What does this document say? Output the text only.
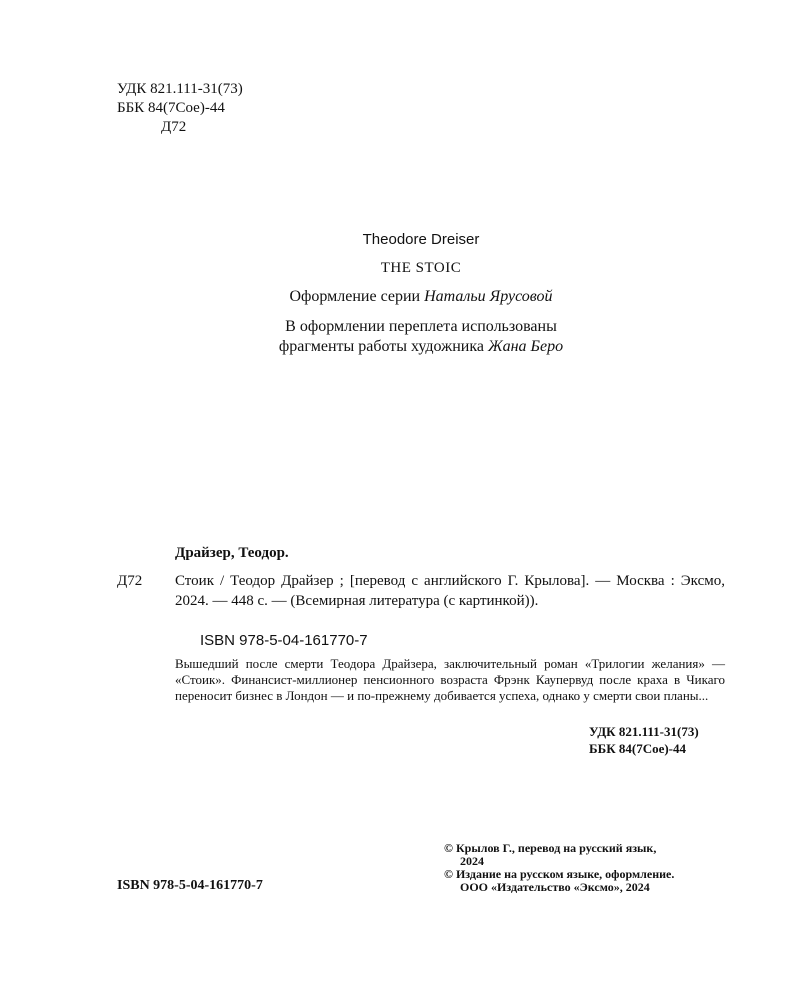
УДК 821.111-31(73)
ББК 84(7Сое)-44
Д72
Theodore Dreiser
THE STOIC
Оформление серии Натальи Ярусовой
В оформлении переплета использованы
фрагменты работы художника Жана Беро
Драйзер, Теодор.
Д72 Стоик / Теодор Драйзер ; [перевод с английского Г. Крылова]. — Москва : Эксмо, 2024. — 448 с. — (Всемирная литература (с картинкой)).
ISBN 978-5-04-161770-7
Вышедший после смерти Теодора Драйзера, заключительный роман «Трилогии желания» — «Стоик». Финансист-миллионер пенсионного возраста Фрэнк Каупервуд после краха в Чикаго переносит бизнес в Лондон — и по-прежнему добивается успеха, однако у смерти свои планы...
УДК 821.111-31(73)
ББК 84(7Сое)-44
© Крылов Г., перевод на русский язык,
2024
© Издание на русском языке, оформление.
ООО «Издательство «Эксмо», 2024
ISBN 978-5-04-161770-7
